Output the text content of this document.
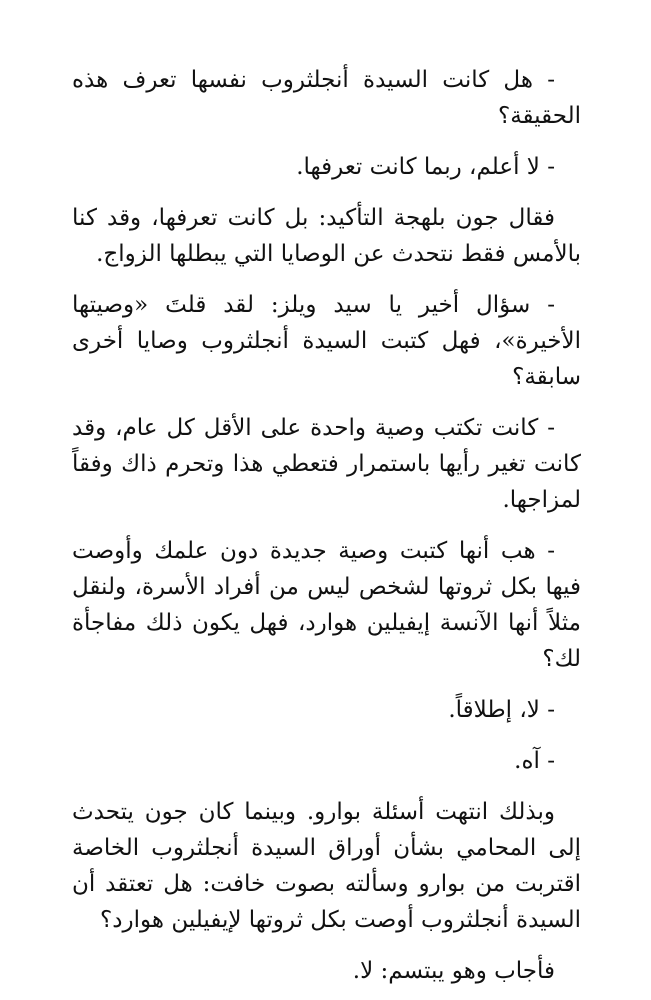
- هل كانت السيدة أنجلثروب نفسها تعرف هذه الحقيقة؟

- لا أعلم، ربما كانت تعرفها.

فقال جون بلهجة التأكيد: بل كانت تعرفها، وقد كنا بالأمس فقط نتحدث عن الوصايا التي يبطلها الزواج.

- سؤال أخير يا سيد ويلز: لقد قلتَ «وصيتها الأخيرة»، فهل كتبت السيدة أنجلثروب وصايا أخرى سابقة؟

- كانت تكتب وصية واحدة على الأقل كل عام، وقد كانت تغير رأيها باستمرار فتعطي هذا وتحرم ذاك وفقاً لمزاجها.

- هب أنها كتبت وصية جديدة دون علمك وأوصت فيها بكل ثروتها لشخص ليس من أفراد الأسرة، ولنقل مثلاً أنها الآنسة إيفيلين هوارد، فهل يكون ذلك مفاجأة لك؟

- لا، إطلاقاً.

- آه.

وبذلك انتهت أسئلة بوارو. وبينما كان جون يتحدث إلى المحامي بشأن أوراق السيدة أنجلثروب الخاصة اقتربت من بوارو وسألته بصوت خافت: هل تعتقد أن السيدة أنجلثروب أوصت بكل ثروتها لإيفيلين هوارد؟

فأجاب وهو يبتسم: لا.
